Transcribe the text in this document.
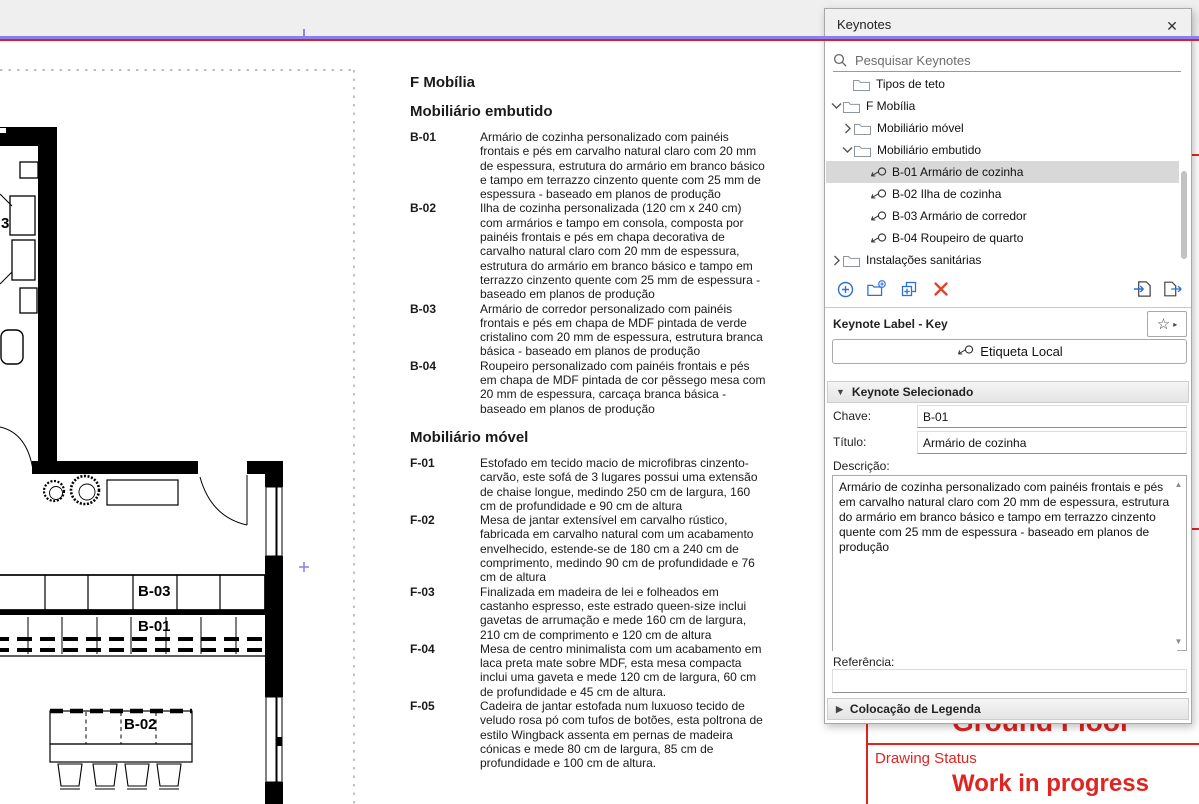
B-03
B-01
B-02
3
F Mobília
Mobiliário embutido
B-01	Armário de cozinha personalizado com painéis frontais e pés em carvalho natural claro com 20 mm de espessura, estrutura do armário em branco básico e tampo em terrazzo cinzento quente com 25 mm de espessura - baseado em planos de produção
B-02	Ilha de cozinha personalizada (120 cm x 240 cm) com armários e tampo em consola, composta por painéis frontais e pés em chapa decorativa de carvalho natural claro com 20 mm de espessura, estrutura do armário em branco básico e tampo em terrazzo cinzento quente com 25 mm de espessura - baseado em planos de produção
B-03	Armário de corredor personalizado com painéis frontais e pés em chapa de MDF pintada de verde cristalino com 20 mm de espessura, estrutura branca básica - baseado em planos de produção
B-04	Roupeiro personalizado com painéis frontais e pés em chapa de MDF pintada de cor pêssego mesa com 20 mm de espessura, carcaça branca básica - baseado em planos de produção
Mobiliário móvel
F-01	Estofado em tecido macio de microfibras cinzento-carvão, este sofá de 3 lugares possui uma extensão de chaise longue, medindo 250 cm de largura, 160 cm de profundidade e 90 cm de altura
F-02	Mesa de jantar extensível em carvalho rústico, fabricada em carvalho natural com um acabamento envelhecido, estende-se de 180 cm a 240 cm de comprimento, medindo 90 cm de profundidade e 76 cm de altura
F-03	Finalizada em madeira de lei e folheados em castanho espresso, este estrado queen-size inclui gavetas de arrumação e mede 160 cm de largura, 210 cm de comprimento e 120 cm de altura
F-04	Mesa de centro minimalista com um acabamento em laca preta mate sobre MDF, esta mesa compacta inclui uma gaveta e mede 120 cm de largura, 60 cm de profundidade e 45 cm de altura.
F-05	Cadeira de jantar estofada num luxuoso tecido de veludo rosa pó com tufos de botões, esta poltrona de estilo Wingback assenta em pernas de madeira cónicas e mede 80 cm de largura, 85 cm de profundidade e 100 cm de altura.	Drawing Status
Work in progress
Keynotes	✕
Pesquisar Keynotes
Tipos de teto
F Mobília
Mobiliário móvel
Mobiliário embutido
B-01 Armário de cozinha
B-02 Ilha de cozinha
B-03 Armário de corredor
B-04 Roupeiro de quarto
Instalações sanitárias
Keynote Label - Key	☆ ▸
Etiqueta Local
▼ Keynote Selecionado
Chave:
B-01
Título:
Armário de cozinha
Descrição:
Armário de cozinha personalizado com painéis frontais e pés em carvalho natural claro com 20 mm de espessura, estrutura do armário em branco básico e tampo em terrazzo cinzento quente com 25 mm de espessura - baseado em planos de produção
▲
▼
Referência:
▶ Colocação de Legenda
